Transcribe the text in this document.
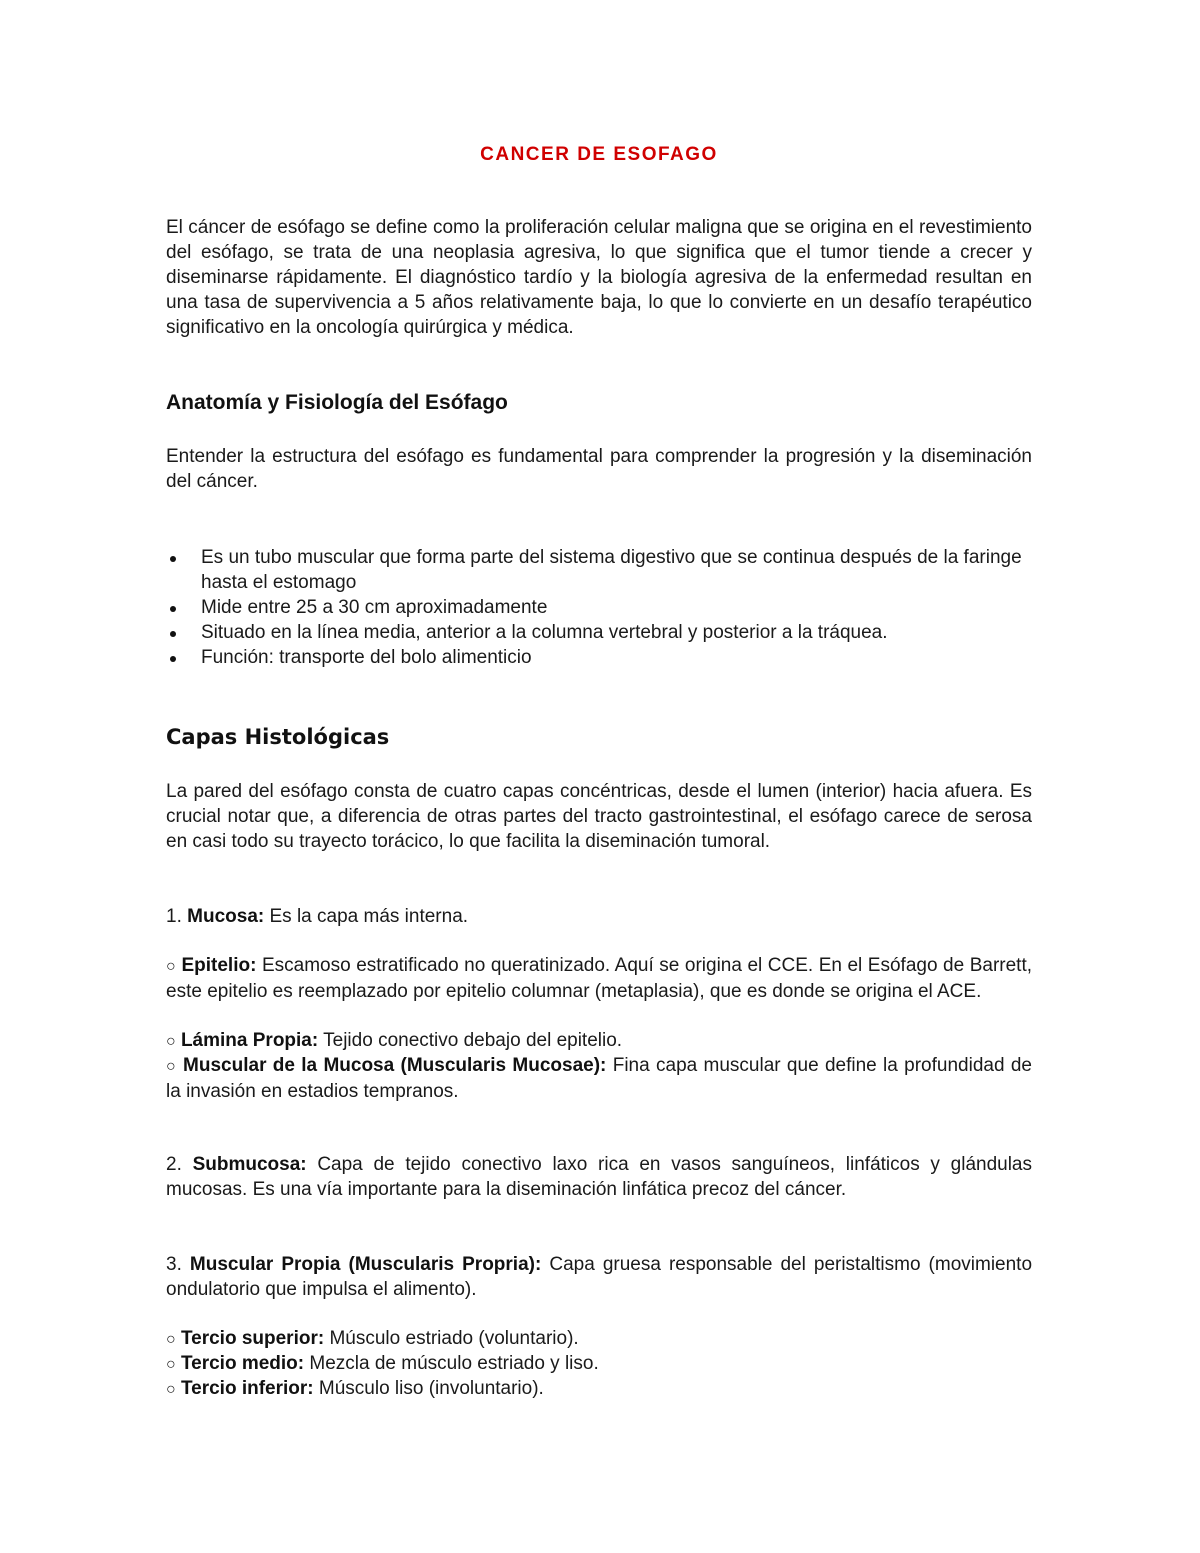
CANCER DE ESOFAGO

El cáncer de esófago se define como la proliferación celular maligna que se origina en el revestimiento del esófago, se trata de una neoplasia agresiva, lo que significa que el tumor tiende a crecer y diseminarse rápidamente. El diagnóstico tardío y la biología agresiva de la enfermedad resultan en una tasa de supervivencia a 5 años relativamente baja, lo que lo convierte en un desafío terapéutico significativo en la oncología quirúrgica y médica.

Anatomía y Fisiología del Esófago

Entender la estructura del esófago es fundamental para comprender la progresión y la diseminación del cáncer.

Es un tubo muscular que forma parte del sistema digestivo que se continua después de la faringe hasta el estomago
Mide entre 25 a 30 cm aproximadamente
Situado en la línea media, anterior a la columna vertebral y posterior a la tráquea.
Función: transporte del bolo alimenticio
Capas Histológicas

La pared del esófago consta de cuatro capas concéntricas, desde el lumen (interior) hacia afuera. Es crucial notar que, a diferencia de otras partes del tracto gastrointestinal, el esófago carece de serosa en casi todo su trayecto torácico, lo que facilita la diseminación tumoral.

1. Mucosa: Es la capa más interna.

○ Epitelio: Escamoso estratificado no queratinizado. Aquí se origina el CCE. En el Esófago de Barrett, este epitelio es reemplazado por epitelio columnar (metaplasia), que es donde se origina el ACE.

○ Lámina Propia: Tejido conectivo debajo del epitelio.

○ Muscular de la Mucosa (Muscularis Mucosae): Fina capa muscular que define la profundidad de la invasión en estadios tempranos.

2. Submucosa: Capa de tejido conectivo laxo rica en vasos sanguíneos, linfáticos y glándulas mucosas. Es una vía importante para la diseminación linfática precoz del cáncer.

3. Muscular Propia (Muscularis Propria): Capa gruesa responsable del peristaltismo (movimiento ondulatorio que impulsa el alimento).

○ Tercio superior: Músculo estriado (voluntario).

○ Tercio medio: Mezcla de músculo estriado y liso.

○ Tercio inferior: Músculo liso (involuntario).
